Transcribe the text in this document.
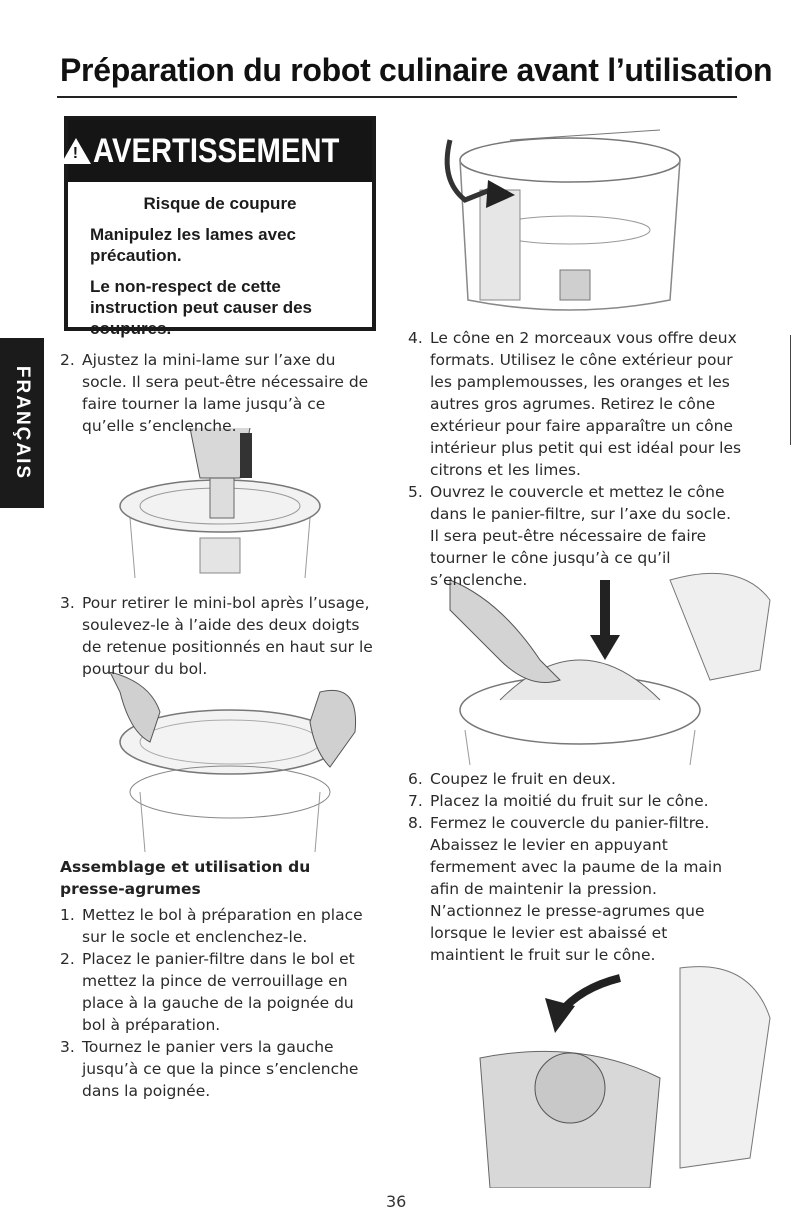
Préparation du robot culinaire avant l’utilisation
FRANÇAIS
! AVERTISSEMENT

Risque de coupure

Manipulez les lames avec précaution.

Le non-respect de cette instruction peut causer des coupures.

2. Ajustez la mini-lame sur l’axe du socle. Il sera peut-être nécessaire de faire tourner la lame jusqu’à ce qu’elle s’enclenche.
3. Pour retirer le mini-bol après l’usage, soulevez-le à l’aide des deux doigts de retenue positionnés en haut sur le pourtour du bol.
Assemblage et utilisation du presse-agrumes
1. Mettez le bol à préparation en place sur le socle et enclenchez-le.
2. Placez le panier-filtre dans le bol et mettez la pince de verrouillage en place à la gauche de la poignée du bol à préparation.
3. Tournez le panier vers la gauche jusqu’à ce que la pince s’enclenche dans la poignée.
4. Le cône en 2 morceaux vous offre deux formats. Utilisez le cône extérieur pour les pamplemousses, les oranges et les autres gros agrumes. Retirez le cône extérieur pour faire apparaître un cône intérieur plus petit qui est idéal pour les citrons et les limes.
5. Ouvrez le couvercle et mettez le cône dans le panier-filtre, sur l’axe du socle. Il sera peut-être nécessaire de faire tourner le cône jusqu’à ce qu’il s’enclenche.
6. Coupez le fruit en deux.
7. Placez la moitié du fruit sur le cône.
8. Fermez le couvercle du panier-filtre. Abaissez le levier en appuyant fermement avec la paume de la main afin de maintenir la pression. N’actionnez le presse-agrumes que lorsque le levier est abaissé et maintient le fruit sur le cône.
36
